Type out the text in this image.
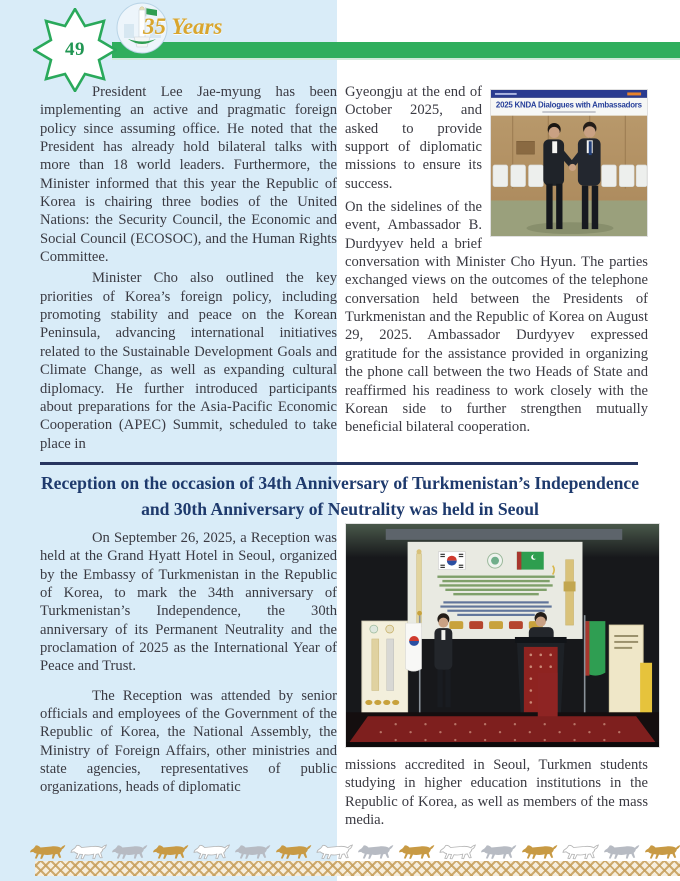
49
35 Years

President Lee Jae-myung has been implementing an active and pragmatic foreign policy since assuming office. He noted that the President has already hold bilateral talks with more than 18 world leaders. Furthermore, the Minister informed that this year the Republic of Korea is chairing three bodies of the United Nations: the Security Council, the Economic and Social Council (ECOSOC), and the Human Rights Committee.

Minister Cho also outlined the key priorities of Korea’s foreign policy, including promoting stability and peace on the Korean Peninsula, advancing international initiatives related to the Sustainable Development Goals and Climate Change, as well as expanding cultural diplomacy. He further introduced participants about preparations for the Asia-Pacific Economic Cooperation (APEC) Summit, scheduled to take place in

2025 KNDA Dialogues with Ambassadors

Gyeongju at the end of October 2025, and asked to provide support of diplomatic missions to ensure its success.

On the sidelines of the event, Ambassador B. Durdyyev held a brief conversation with Minister Cho Hyun. The parties exchanged views on the outcomes of the telephone conversation held between the Presidents of Turkmenistan and the Republic of Korea on August 29, 2025. Ambassador Durdyyev expressed gratitude for the assistance provided in organizing the phone call between the two Heads of State and reaffirmed his readiness to work closely with the Korean side to further strengthen mutually beneficial bilateral cooperation.

Reception on the occasion of 34th Anniversary of Turkmenistan’s Independence and 30th Anniversary of Neutrality was held in Seoul

On September 26, 2025, a Reception was held at the Grand Hyatt Hotel in Seoul, organized by the Embassy of Turkmenistan in the Republic of Korea, to mark the 34th anniversary of Turkmenistan’s Independence, the 30th anniversary of its Permanent Neutrality and the proclamation of 2025 as the International Year of Peace and Trust.

The Reception was attended by senior officials and employees of the Government of the Republic of Korea, the National Assembly, the Ministry of Foreign Affairs, other ministries and state agencies, representatives of public organizations, heads of diplomatic

missions accredited in Seoul, Turkmen students studying in higher education institutions in the Republic of Korea, as well as members of the mass media.
